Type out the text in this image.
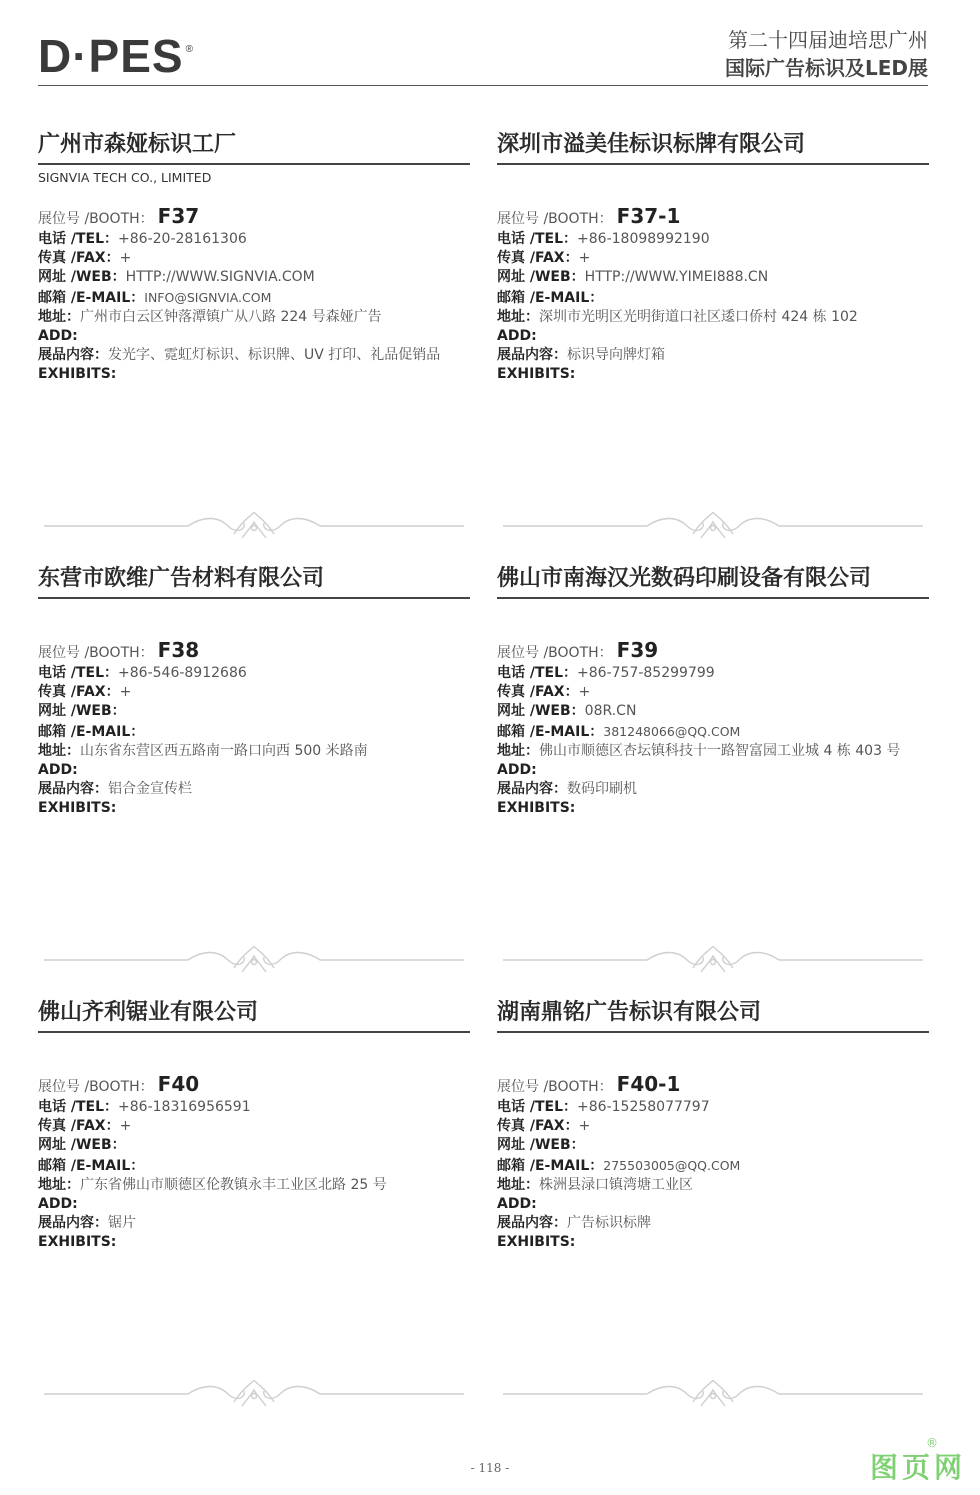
D·PES ®	第二十四届迪培思广州
国际广告标识及LED展
广州市森娅标识工厂
SIGNVIA TECH CO., LIMITED
展位号 /BOOTH： F37
电话 /TEL：+86-20-28161306
传真 /FAX：+
网址 /WEB：HTTP://WWW.SIGNVIA.COM
邮箱 /E-MAIL：INFO@SIGNVIA.COM
地址：广州市白云区钟落潭镇广从八路 224 号森娅广告
ADD:
展品内容：发光字、霓虹灯标识、标识牌、UV 打印、礼品促销品
EXHIBITS:
深圳市溢美佳标识标牌有限公司
展位号 /BOOTH： F37-1
电话 /TEL：+86-18098992190
传真 /FAX：+
网址 /WEB：HTTP://WWW.YIMEI888.CN
邮箱 /E-MAIL：
地址：深圳市光明区光明街道口社区逶口侨村 424 栋 102
ADD:
展品内容：标识导向牌灯箱
EXHIBITS:
东营市欧维广告材料有限公司
展位号 /BOOTH： F38
电话 /TEL：+86-546-8912686
传真 /FAX：+
网址 /WEB：
邮箱 /E-MAIL：
地址：山东省东营区西五路南一路口向西 500 米路南
ADD:
展品内容：铝合金宣传栏
EXHIBITS:
佛山市南海汉光数码印刷设备有限公司
展位号 /BOOTH： F39
电话 /TEL：+86-757-85299799
传真 /FAX：+
网址 /WEB：08R.CN
邮箱 /E-MAIL：381248066@QQ.COM
地址：佛山市顺德区杏坛镇科技十一路智富园工业城 4 栋 403 号
ADD:
展品内容：数码印刷机
EXHIBITS:
佛山齐利锯业有限公司
展位号 /BOOTH： F40
电话 /TEL：+86-18316956591
传真 /FAX：+
网址 /WEB：
邮箱 /E-MAIL：
地址：广东省佛山市顺德区伦教镇永丰工业区北路 25 号
ADD:
展品内容：锯片
EXHIBITS:
湖南鼎铭广告标识有限公司
展位号 /BOOTH： F40-1
电话 /TEL：+86-15258077797
传真 /FAX：+
网址 /WEB：
邮箱 /E-MAIL：275503005@QQ.COM
地址：株洲县渌口镇湾塘工业区
ADD:
展品内容：广告标识标牌
EXHIBITS:
- 118 -	图页网
®
